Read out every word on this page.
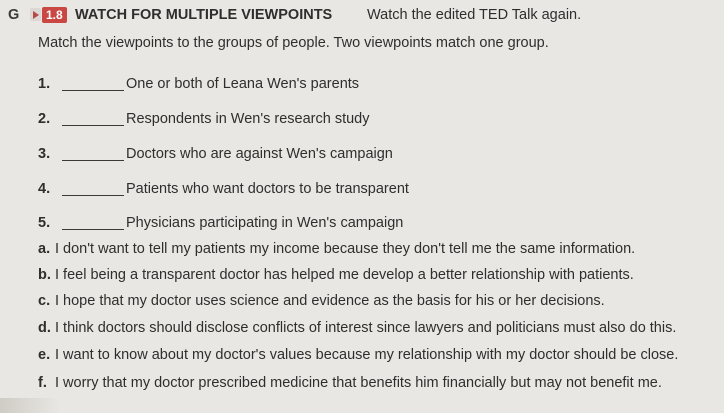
G	1.8 WATCH FOR MULTIPLE VIEWPOINTS Watch the edited TED Talk again.
Match the viewpoints to the groups of people. Two viewpoints match one group.
1.	One or both of Leana Wen's parents
2.	Respondents in Wen's research study
3.	Doctors who are against Wen's campaign
4.	Patients who want doctors to be transparent
5.	Physicians participating in Wen's campaign
a. I don't want to tell my patients my income because they don't tell me the same information.
b. I feel being a transparent doctor has helped me develop a better relationship with patients.
c. I hope that my doctor uses science and evidence as the basis for his or her decisions.
d. I think doctors should disclose conflicts of interest since lawyers and politicians must also do this.
e. I want to know about my doctor's values because my relationship with my doctor should be close.
f. I worry that my doctor prescribed medicine that benefits him financially but may not benefit me.
